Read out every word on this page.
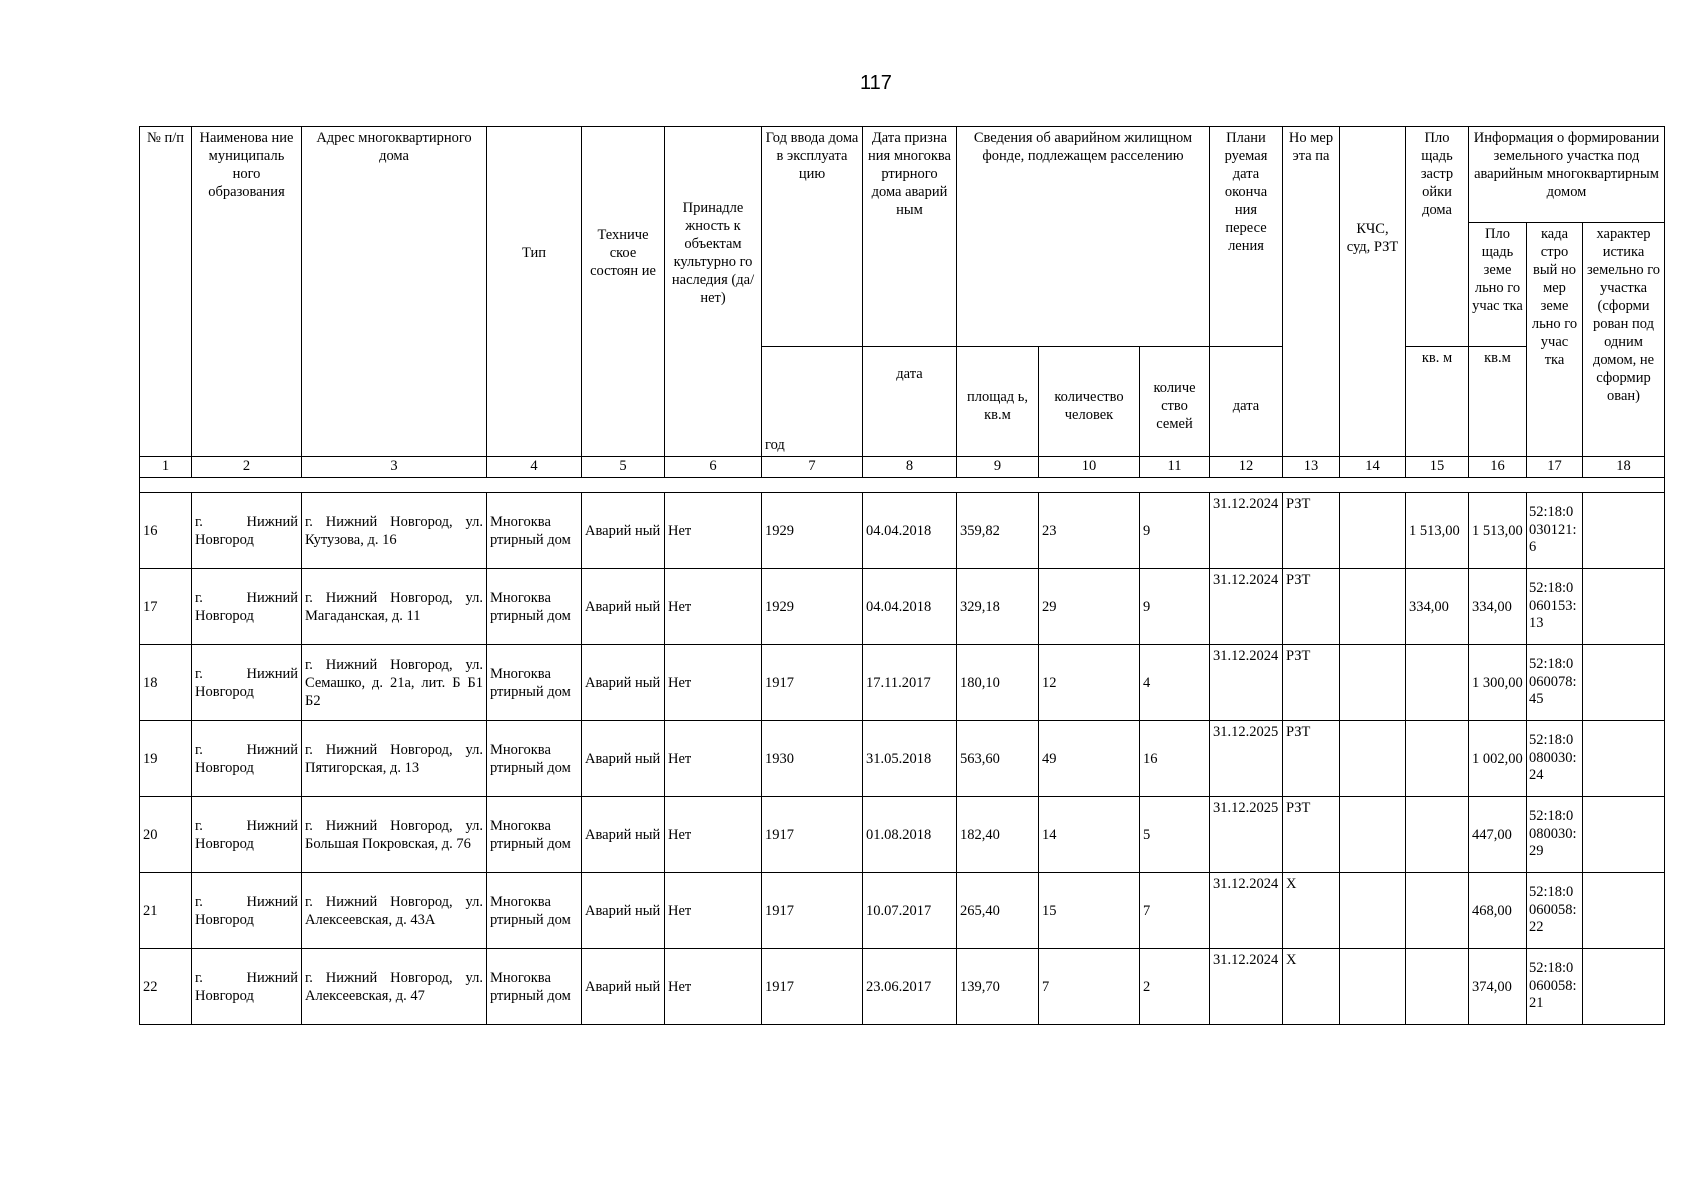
117
№ п/п	Наименова ние муниципаль ного образования	Адрес многоквартирного дома	Тип	Техниче ское состоян ие	Принадле жность к объектам культурно го наследия (да/нет)	Год ввода дома в эксплуата цию	Дата призна ния многоква ртирного дома аварий ным	Сведения об аварийном жилищном фонде, подлежащем расселению			Плани руемая дата оконча ния пересе ления	Но мер эта па	КЧС, суд, РЗТ	Пло щадь застр ойки дома	Информация о формировании земельного участка под аварийным многоквартирным домом		
															Пло щадь земе льно го учас тка	када стро вый но мер земе льно го учас тка	характер истика земельно го участка (сформи рован под одним домом, не сформир ован)
						год	дата	площад ь, кв.м	количество человек	количе ство семей	дата			кв. м	кв.м		
1	2	3	4	5	6	7	8	9	10	11	12	13	14	15	16	17	18

16	г. Нижний Новгород	г. Нижний Новгород, ул. Кутузова, д. 16	Многоква ртирный дом	Аварий ный	Нет	1929	04.04.2018	359,82	23	9	31.12.2024	РЗТ		1 513,00	1 513,00	52:18:0030121:6	
17	г. Нижний Новгород	г. Нижний Новгород, ул. Магаданская, д. 11	Многоква ртирный дом	Аварий ный	Нет	1929	04.04.2018	329,18	29	9	31.12.2024	РЗТ		334,00	334,00	52:18:0060153:13	
18	г. Нижний Новгород	г. Нижний Новгород, ул. Семашко, д. 21а, лит. Б Б1 Б2	Многоква ртирный дом	Аварий ный	Нет	1917	17.11.2017	180,10	12	4	31.12.2024	РЗТ			1 300,00	52:18:0060078:45	
19	г. Нижний Новгород	г. Нижний Новгород, ул. Пятигорская, д. 13	Многоква ртирный дом	Аварий ный	Нет	1930	31.05.2018	563,60	49	16	31.12.2025	РЗТ			1 002,00	52:18:0080030:24	
20	г. Нижний Новгород	г. Нижний Новгород, ул. Большая Покровская, д. 76	Многоква ртирный дом	Аварий ный	Нет	1917	01.08.2018	182,40	14	5	31.12.2025	РЗТ			447,00	52:18:0080030:29	
21	г. Нижний Новгород	г. Нижний Новгород, ул. Алексеевская, д. 43А	Многоква ртирный дом	Аварий ный	Нет	1917	10.07.2017	265,40	15	7	31.12.2024	Х			468,00	52:18:0060058:22	
22	г. Нижний Новгород	г. Нижний Новгород, ул. Алексеевская, д. 47	Многоква ртирный дом	Аварий ный	Нет	1917	23.06.2017	139,70	7	2	31.12.2024	Х			374,00	52:18:0060058:21	
